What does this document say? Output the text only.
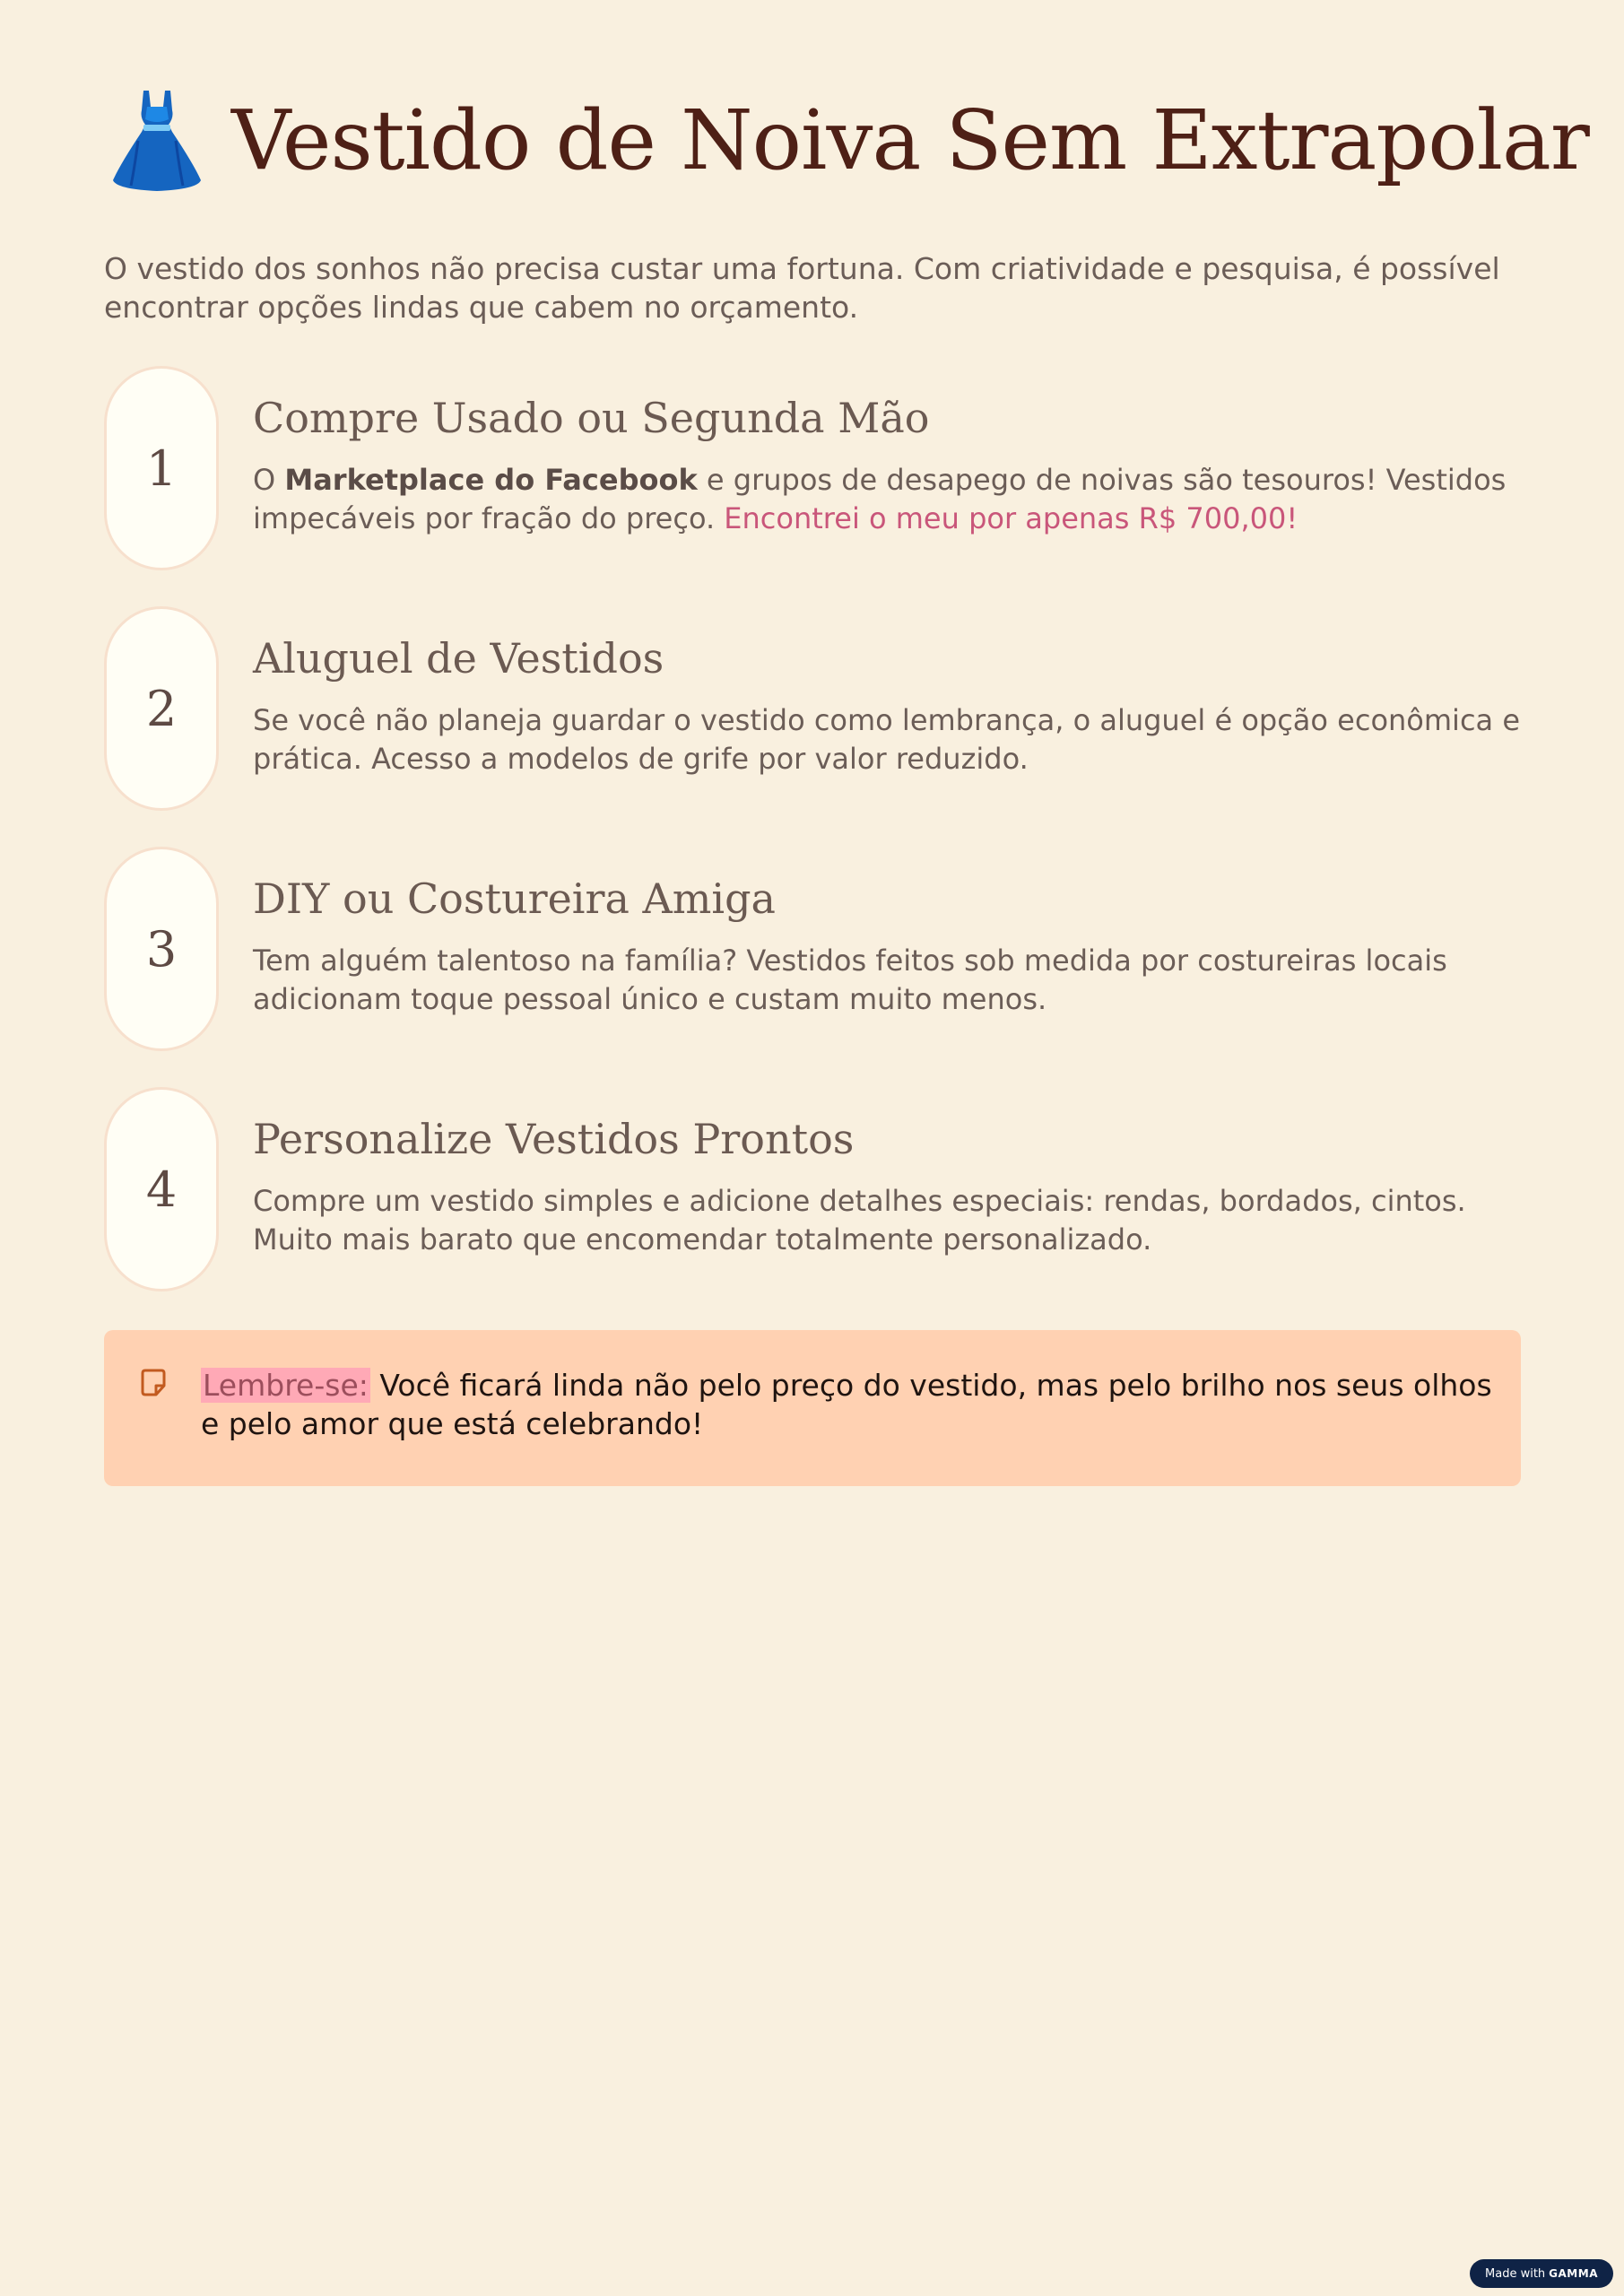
Vestido de Noiva Sem Extrapolar
O vestido dos sonhos não precisa custar uma fortuna. Com criatividade e pesquisa, é possível encontrar opções lindas que cabem no orçamento.
1
Compre Usado ou Segunda Mão
O Marketplace do Facebook e grupos de desapego de noivas são tesouros! Vestidos impecáveis por fração do preço. Encontrei o meu por apenas R$ 700,00!
2
Aluguel de Vestidos
Se você não planeja guardar o vestido como lembrança, o aluguel é opção econômica e prática. Acesso a modelos de grife por valor reduzido.
3
DIY ou Costureira Amiga
Tem alguém talentoso na família? Vestidos feitos sob medida por costureiras locais adicionam toque pessoal único e custam muito menos.
4
Personalize Vestidos Prontos
Compre um vestido simples e adicione detalhes especiais: rendas, bordados, cintos. Muito mais barato que encomendar totalmente personalizado.
Lembre-se: Você ficará linda não pelo preço do vestido, mas pelo brilho nos seus olhos e pelo amor que está celebrando!
Made with GAMMA
